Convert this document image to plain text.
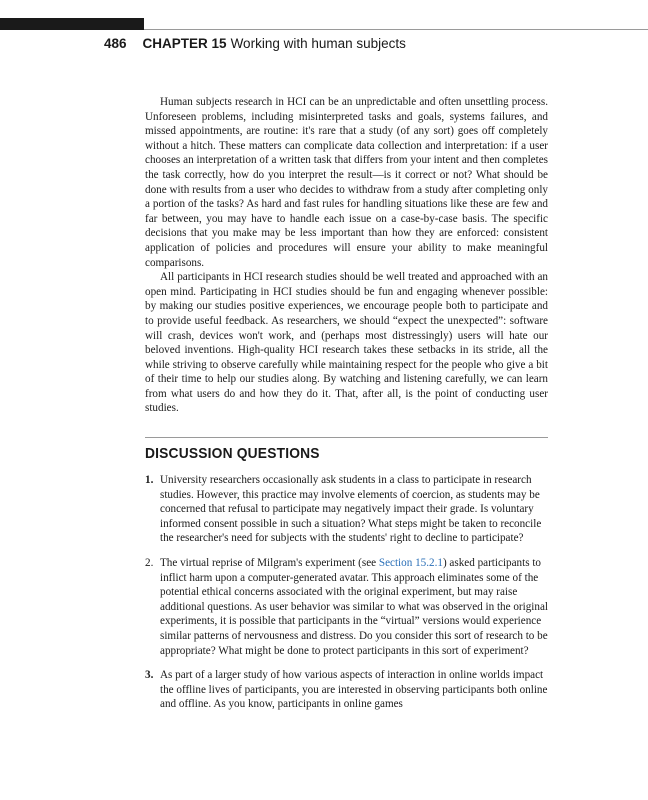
486 CHAPTER 15 Working with human subjects

Human subjects research in HCI can be an unpredictable and often unsettling process. Unforeseen problems, including misinterpreted tasks and goals, systems failures, and missed appointments, are routine: it's rare that a study (of any sort) goes off completely without a hitch. These matters can complicate data collection and interpretation: if a user chooses an interpretation of a written task that differs from your intent and then completes the task correctly, how do you interpret the result—is it correct or not? What should be done with results from a user who decides to withdraw from a study after completing only a portion of the tasks? As hard and fast rules for handling situations like these are few and far between, you may have to handle each issue on a case-by-case basis. The specific decisions that you make may be less important than how they are enforced: consistent application of policies and procedures will ensure your ability to make meaningful comparisons.

All participants in HCI research studies should be well treated and approached with an open mind. Participating in HCI studies should be fun and engaging whenever possible: by making our studies positive experiences, we encourage people both to participate and to provide useful feedback. As researchers, we should “expect the unexpected”: software will crash, devices won't work, and (perhaps most distressingly) users will hate our beloved inventions. High-quality HCI research takes these setbacks in its stride, all the while striving to observe carefully while maintaining respect for the people who give a bit of their time to help our studies along. By watching and listening carefully, we can learn from what users do and how they do it. That, after all, is the point of conducting user studies.

DISCUSSION QUESTIONS
1. University researchers occasionally ask students in a class to participate in research studies. However, this practice may involve elements of coercion, as students may be concerned that refusal to participate may negatively impact their grade. Is voluntary informed consent possible in such a situation? What steps might be taken to reconcile the researcher's need for subjects with the students' right to decline to participate?
2. The virtual reprise of Milgram's experiment (see Section 15.2.1) asked participants to inflict harm upon a computer-generated avatar. This approach eliminates some of the potential ethical concerns associated with the original experiment, but may raise additional questions. As user behavior was similar to what was observed in the original experiments, it is possible that participants in the “virtual” versions would experience similar patterns of nervousness and distress. Do you consider this sort of research to be appropriate? What might be done to protect participants in this sort of experiment?
3. As part of a larger study of how various aspects of interaction in online worlds impact the offline lives of participants, you are interested in observing participants both online and offline. As you know, participants in online games
